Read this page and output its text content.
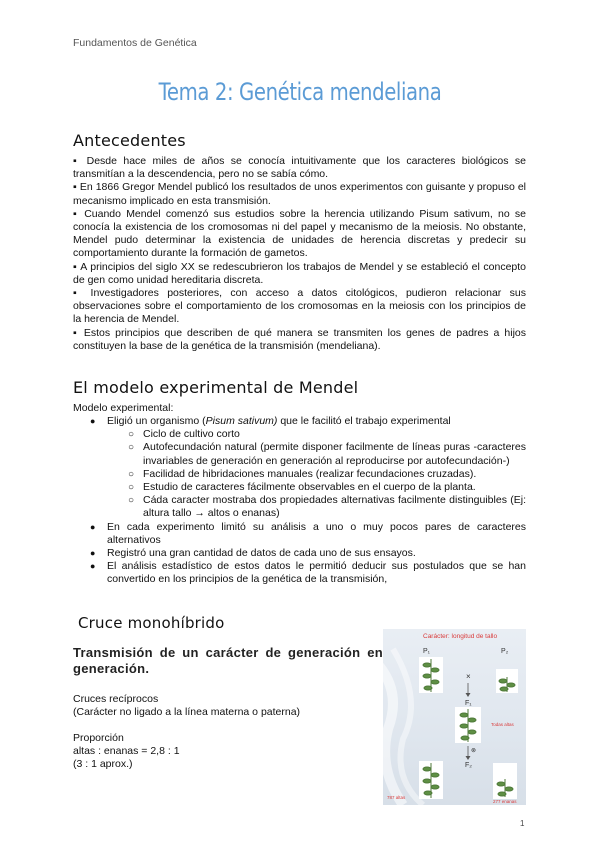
Fundamentos de Genética
Tema 2: Genética mendeliana
Antecedentes

▪ Desde hace miles de años se conocía intuitivamente que los caracteres biológicos se transmitían a la descendencia, pero no se sabía cómo.

▪ En 1866 Gregor Mendel publicó los resultados de unos experimentos con guisante y propuso el mecanismo implicado en esta transmisión.

▪ Cuando Mendel comenzó sus estudios sobre la herencia utilizando Pisum sativum, no se conocía la existencia de los cromosomas ni del papel y mecanismo de la meiosis. No obstante, Mendel pudo determinar la existencia de unidades de herencia discretas y predecir su comportamiento durante la formación de gametos.

▪ A principios del siglo XX se redescubrieron los trabajos de Mendel y se estableció el concepto de gen como unidad hereditaria discreta.

▪ Investigadores posteriores, con acceso a datos citológicos, pudieron relacionar sus observaciones sobre el comportamiento de los cromosomas en la meiosis con los principios de la herencia de Mendel.

▪ Estos principios que describen de qué manera se transmiten los genes de padres a hijos constituyen la base de la genética de la transmisión (mendeliana).

El modelo experimental de Mendel
Modelo experimental:
● Eligió un organismo (Pisum sativum) que le facilitó el trabajo experimental
○ Ciclo de cultivo corto
○ Autofecundación natural (permite disponer facilmente de líneas puras -caracteres invariables de generación en generación al reproducirse por autofecundación-)
○ Facilidad de hibridaciones manuales (realizar fecundaciones cruzadas).
○ Estudio de caracteres fácilmente observables en el cuerpo de la planta.
○ Cáda caracter mostraba dos propiedades alternativas facilmente distinguibles (Ej: altura tallo → altos o enanas)
● En cada experimento limitó su análisis a uno o muy pocos pares de caracteres alternativos
● Registró una gran cantidad de datos de cada uno de sus ensayos.
● El análisis estadístico de estos datos le permitió deducir sus postulados que se han convertido en los principios de la genética de la transmisión,
Cruce monohíbrido
Transmisión de un carácter de generación en generación.
Cruces recíprocos
(Carácter no ligado a la línea materna o paterna)
Proporción
altas : enanas = 2,8 : 1
(3 : 1 aprox.)
Carácter: longitud de tallo
P₁	P₂
×
F₁
Todas altas
⊗
F₂
787 altas
277 enanas
1
